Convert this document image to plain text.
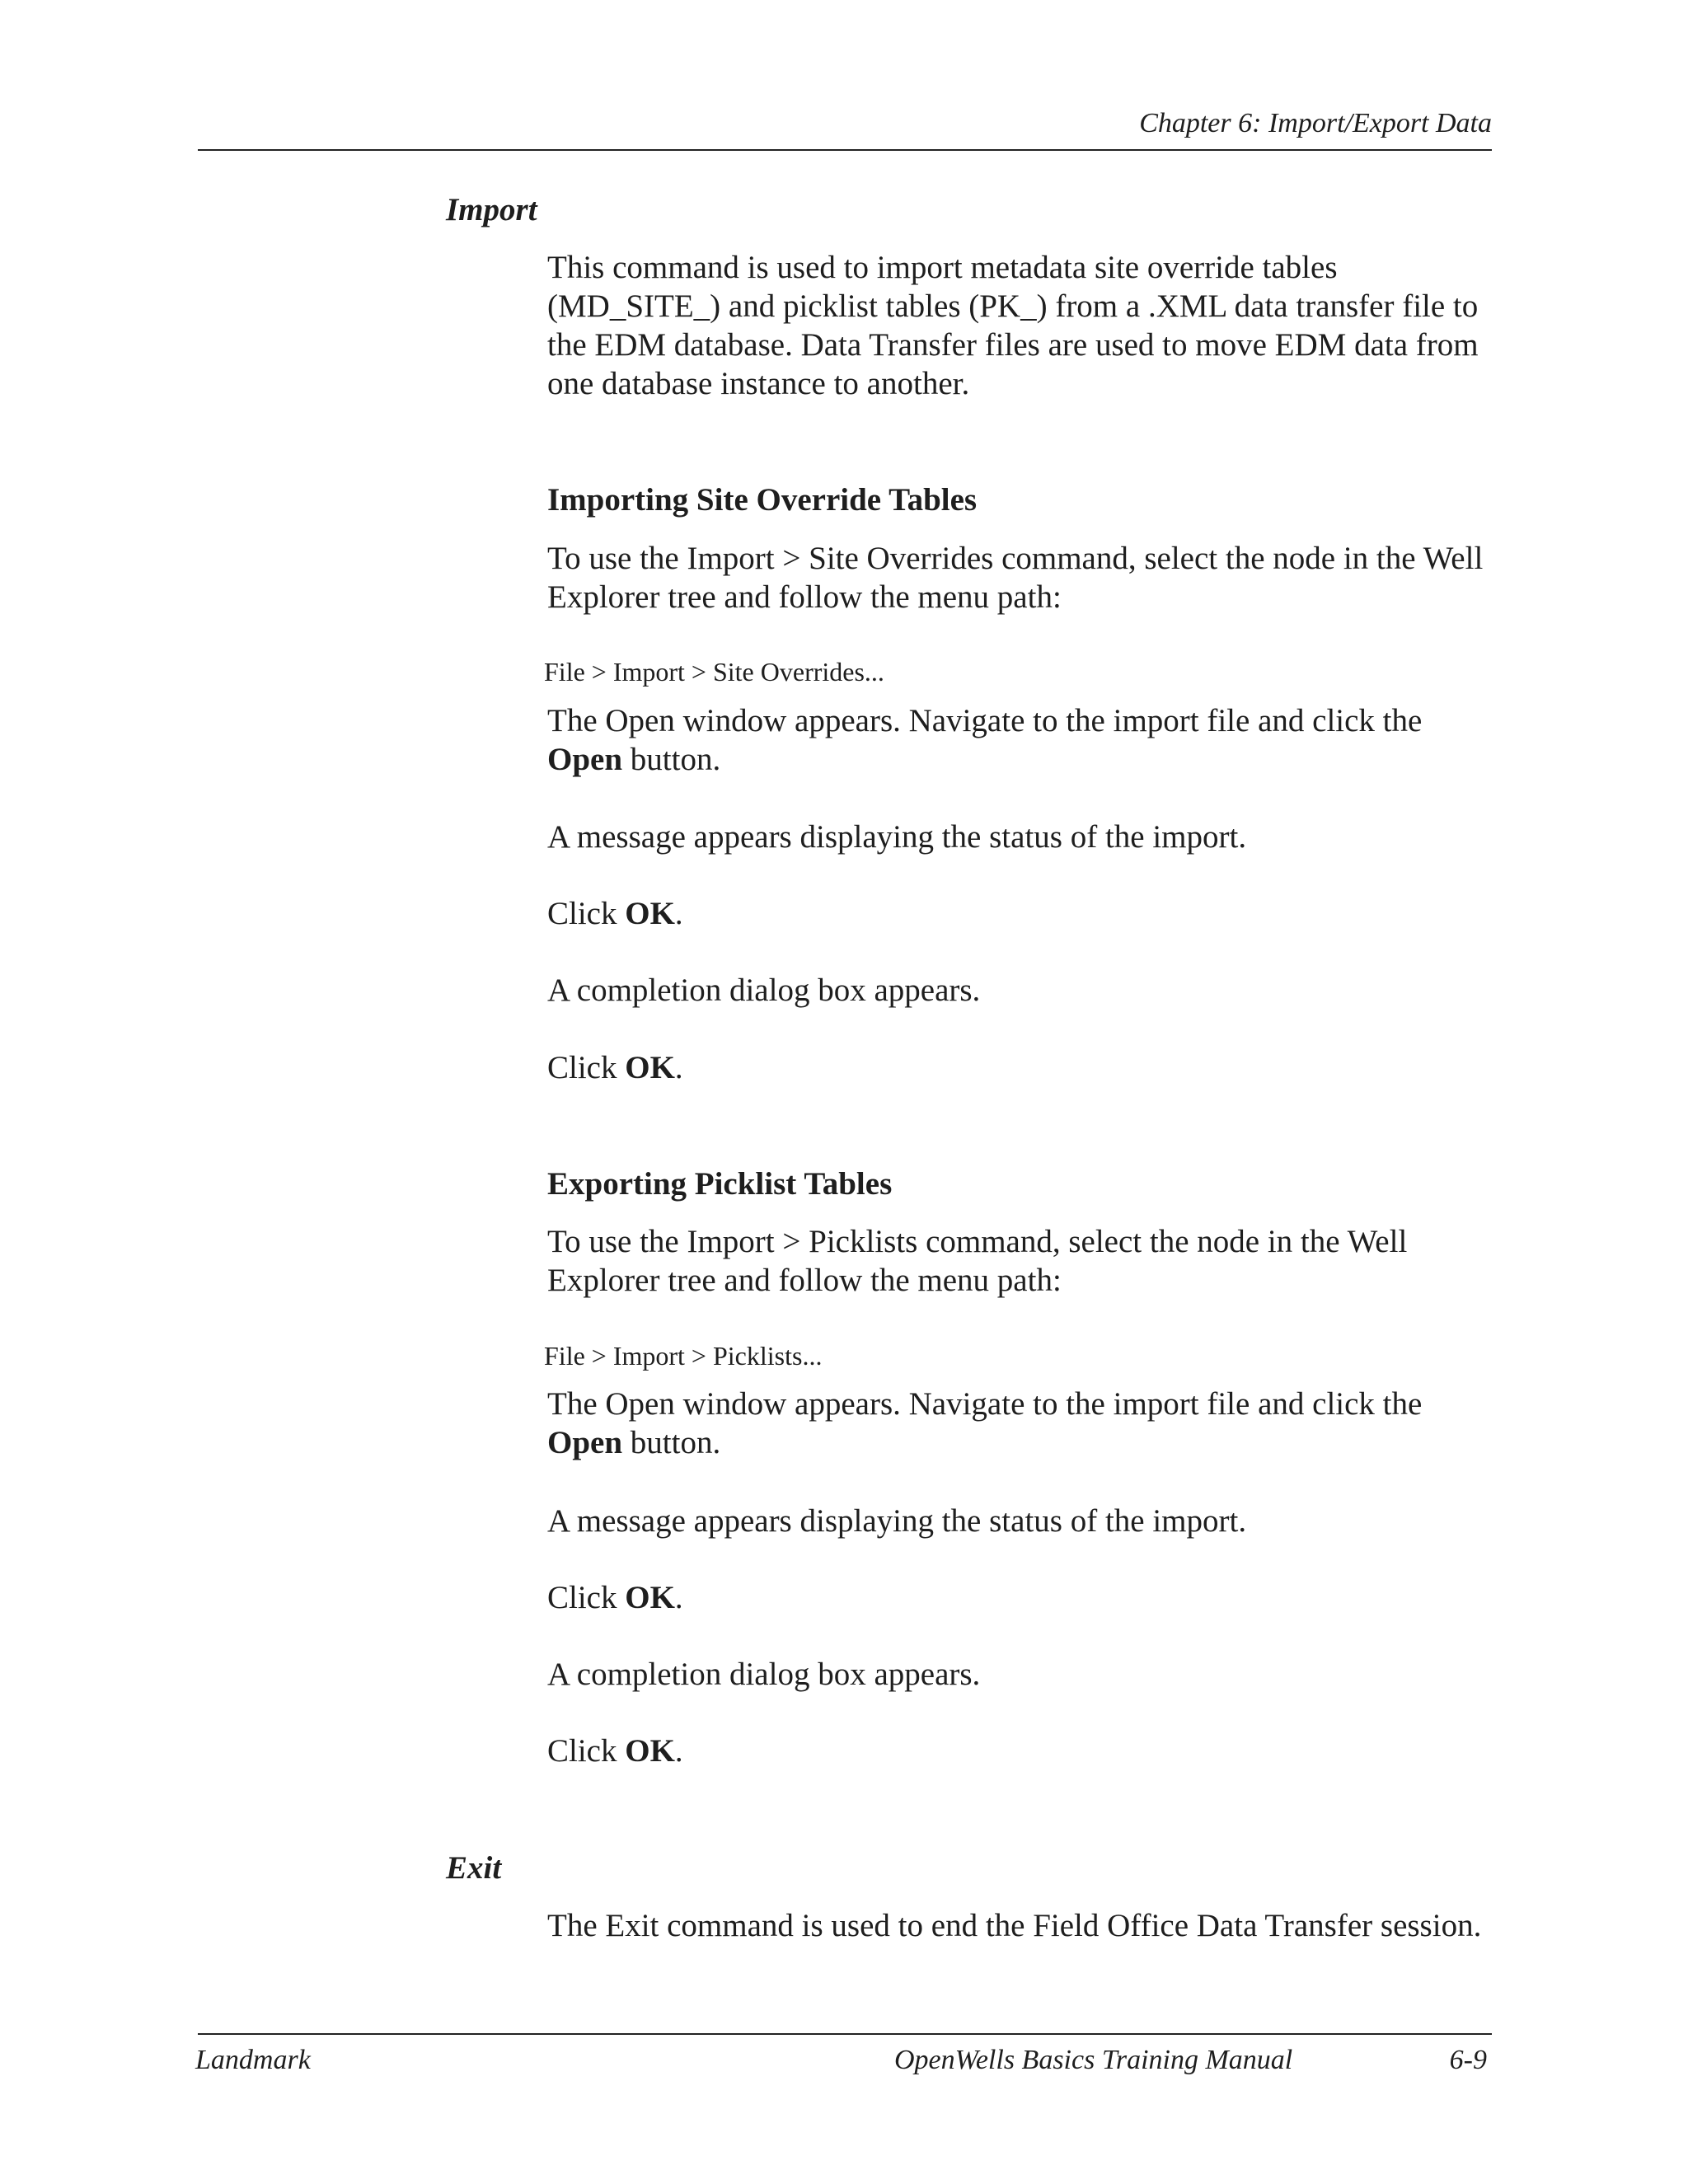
Chapter 6: Import/Export Data
Import
This command is used to import metadata site override tables
(MD_SITE_) and picklist tables (PK_) from a .XML data transfer file to
the EDM database. Data Transfer files are used to move EDM data from
one database instance to another.
Importing Site Override Tables
To use the Import > Site Overrides command, select the node in the Well
Explorer tree and follow the menu path:
File > Import > Site Overrides...
The Open window appears. Navigate to the import file and click the
Open button.
A message appears displaying the status of the import.
Click OK.
A completion dialog box appears.
Click OK.
Exporting Picklist Tables
To use the Import > Picklists command, select the node in the Well
Explorer tree and follow the menu path:
File > Import > Picklists...
The Open window appears. Navigate to the import file and click the
Open button.
A message appears displaying the status of the import.
Click OK.
A completion dialog box appears.
Click OK.
Exit
The Exit command is used to end the Field Office Data Transfer session.
Landmark	OpenWells Basics Training Manual	6-9
